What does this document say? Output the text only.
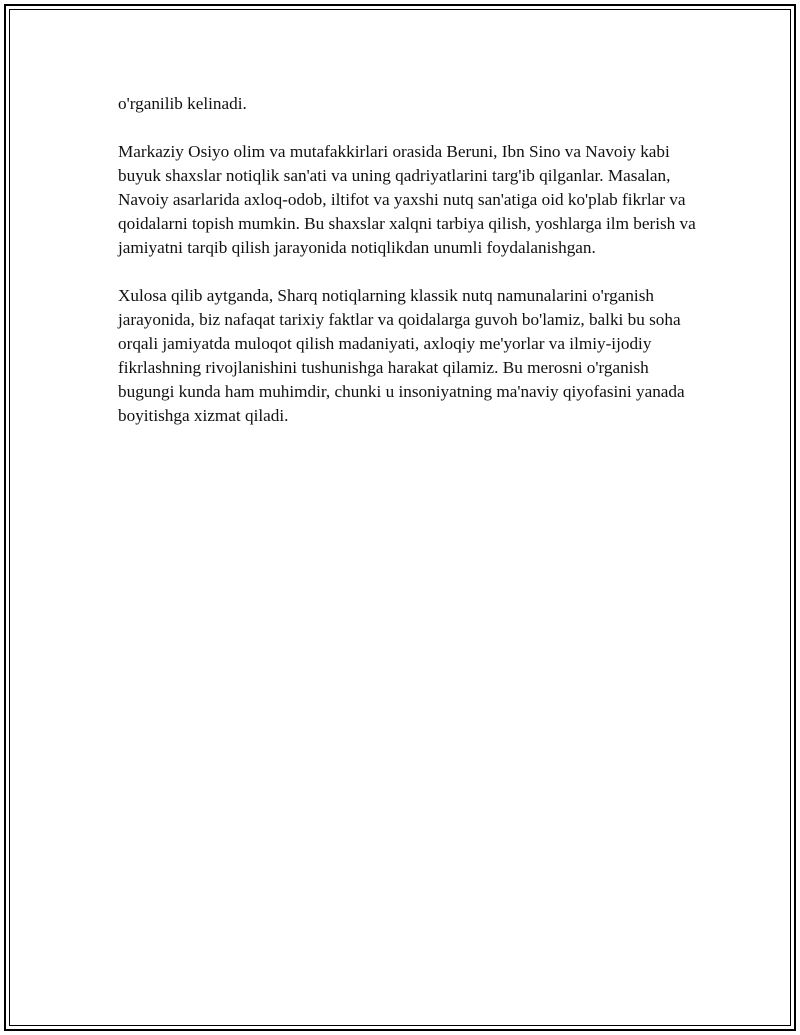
o'rganilib kelinadi.

Markaziy Osiyo olim va mutafakkirlari orasida Beruni, Ibn Sino va Navoiy kabi buyuk shaxslar notiqlik san'ati va uning qadriyatlarini targ'ib qilganlar. Masalan, Navoiy asarlarida axloq-odob, iltifot va yaxshi nutq san'atiga oid ko'plab fikrlar va qoidalarni topish mumkin. Bu shaxslar xalqni tarbiya qilish, yoshlarga ilm berish va jamiyatni tarqib qilish jarayonida notiqlikdan unumli foydalanishgan.

Xulosa qilib aytganda, Sharq notiqlarning klassik nutq namunalarini o'rganish jarayonida, biz nafaqat tarixiy faktlar va qoidalarga guvoh bo'lamiz, balki bu soha orqali jamiyatda muloqot qilish madaniyati, axloqiy me'yorlar va ilmiy-ijodiy fikrlashning rivojlanishini tushunishga harakat qilamiz. Bu merosni o'rganish bugungi kunda ham muhimdir, chunki u insoniyatning ma'naviy qiyofasini yanada boyitishga xizmat qiladi.
